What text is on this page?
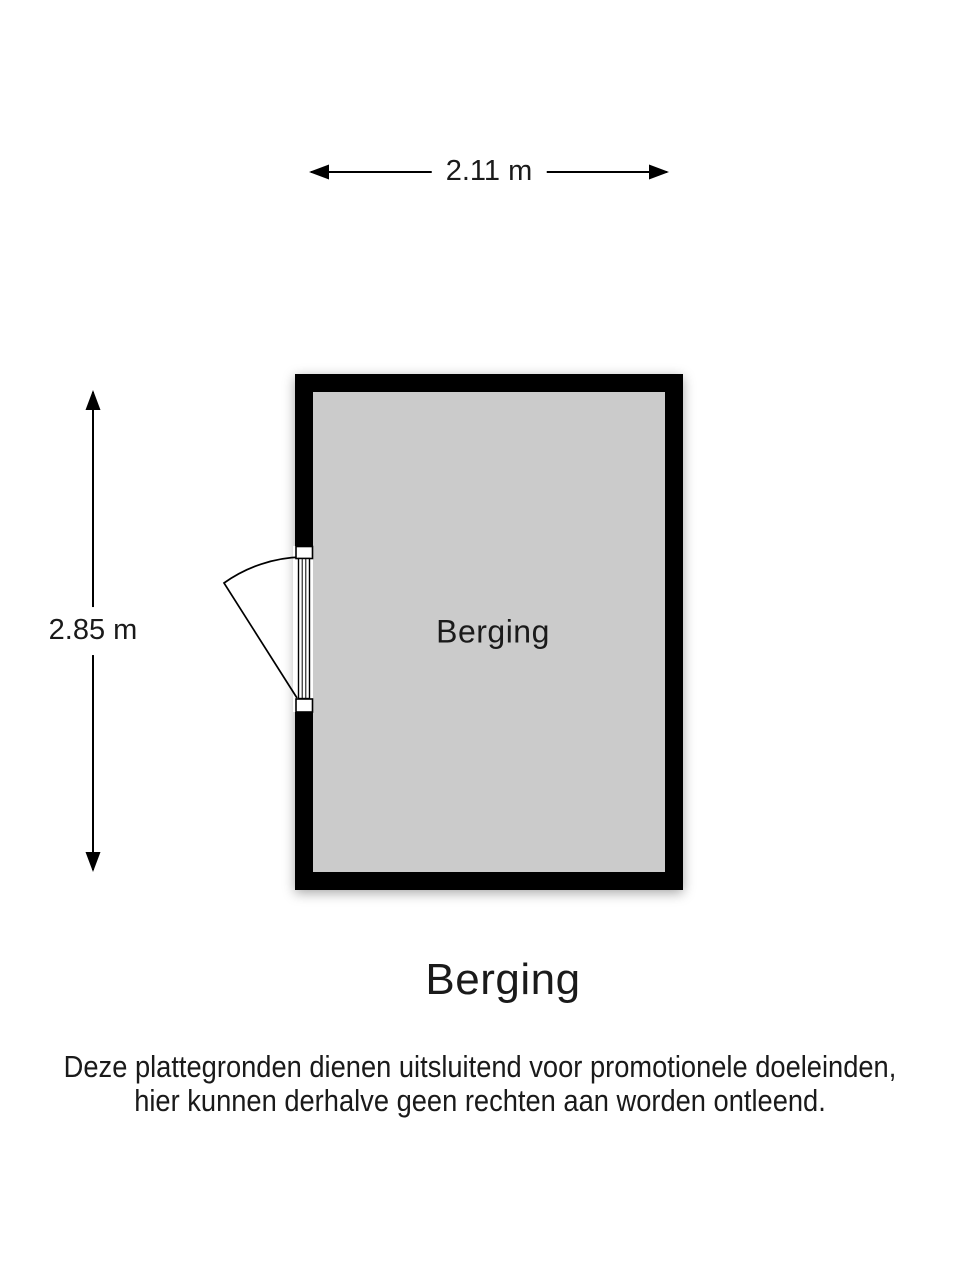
2.11 m
2.85 m	Berging
Berging
Deze plattegronden dienen uitsluitend voor promotionele doeleinden,
hier kunnen derhalve geen rechten aan worden ontleend.
